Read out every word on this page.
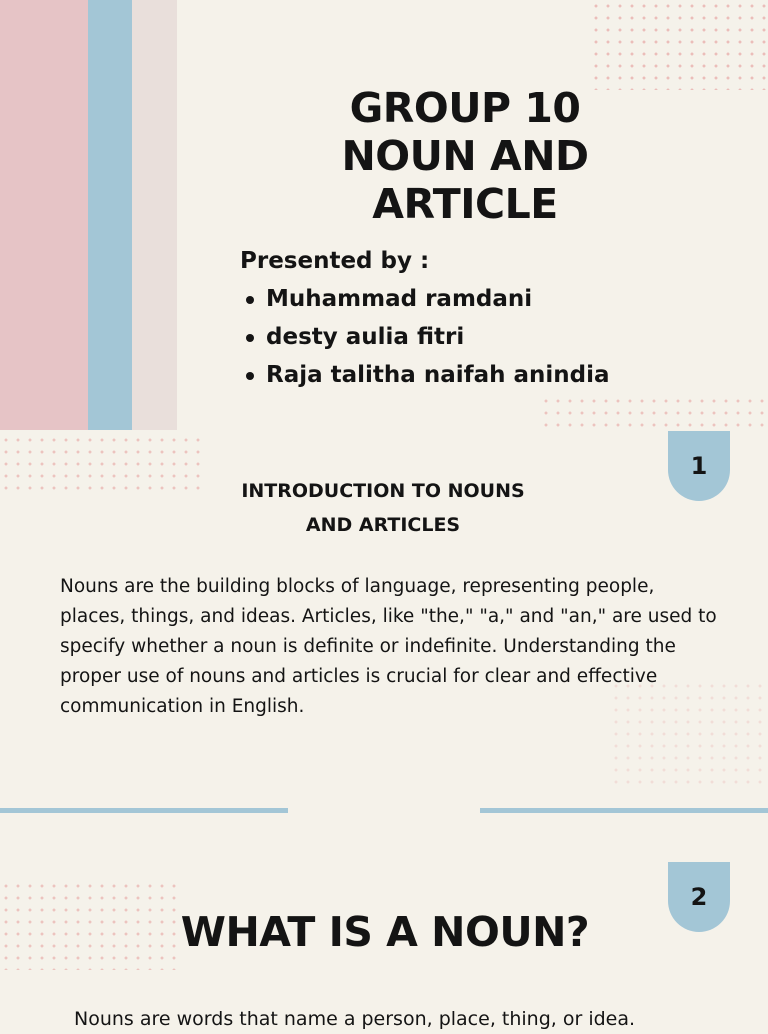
GROUP 10
NOUN AND ARTICLE
Presented by :
Muhammad ramdani
desty aulia fitri
Raja talitha naifah anindia
1
INTRODUCTION TO NOUNS
AND ARTICLES
Nouns are the building blocks of language, representing people, places, things, and ideas. Articles, like "the," "a," and "an," are used to specify whether a noun is definite or indefinite. Understanding the proper use of nouns and articles is crucial for clear and effective communication in English.
2
WHAT IS A NOUN?
Nouns are words that name a person, place, thing, or idea.
